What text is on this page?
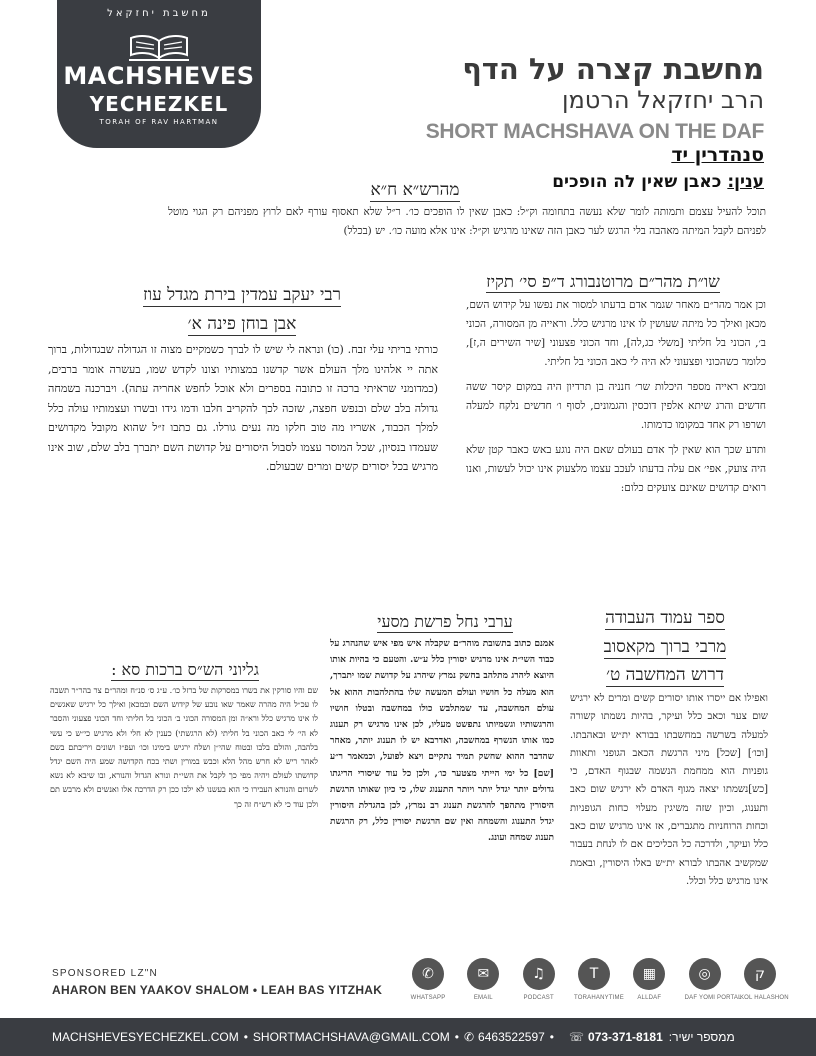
מחשבת יחזקאל
MACHSHEVES
YECHEZKEL
TORAH OF RAV HARTMAN
מחשבת קצרה על הדף
הרב יחזקאל הרטמן
SHORT MACHSHAVA ON THE DAF
סנהדרין יד
ענין: כאבן שאין לה הופכים
מהרש״א ח״א
תוכל להעיל עצמם ותמותה לומר שלא נעשה בתחומה וק״ל: כאבן שאין לו הופכים כו׳. ר״ל שלא תאסוף עורף לאם לרוץ מפניהם רק הגוי מוטל לפניהם לקבל המיתה מאהבה בלי הרגש לער כאבן הזה שאינו מרגיש וק״ל: אינו אלא מועה כו׳. יש (בכלל)
שו״ת מהר״ם מרוטנבורג ד״פ סי׳ תקיז

וכן אמר מהר״ם מאחר שגמר אדם בדעתו למסור את נפשו על קידוש השם, מכאן ואילך כל מיתה שעושין לו אינו מרגיש כלל. וראייה מן המסורה, הכוני ב׳, הכוני בל חליתי [משלי כג,לה], וחד הכוני פצעוני [שיר השירים ה,ז], כלומר כשהכוני ופצעוני לא היה לי כאב הכוני בל חליתי.

ומביא ראייה מספר היכלות שר׳ חנניה בן תרדיון היה במקום קיסר ששה חדשים והרג שיתא אלפין דוכסין והגמונים, לסוף ו׳ חדשים נלקח למעלה ושרפו רק אחד במקומו כדמותו.

ותדע שכך הוא שאין לך אדם בעולם שאם היה נוגע באש כאבר קטן שלא היה צועק, אפי׳ אם עלה בדעתו לעכב עצמו מלצעוק אינו יכול לעשות, ואנו רואים קדושים שאינם צועקים כלום:

רבי יעקב עמדין בירת מגדל עוז
אבן בוחן פינה א׳
כורתי בריתי עלי זבח. (כו) ונראה לי שיש לו לברך כשמקיים מצוה זו הגדולה שבגדולות, ברוך אתה יי אלהינו מלך העולם אשר קדשנו במצותיו וצונו לקדש שמו, בעשרה אומר ברבים, (כמדומני שראיתי ברכה זו כתובה בספרים ולא אוכל לחפש אחריה עתה). ויברכנה בשמחה גדולה בלב שלם ובנפש חפצה, שזכה לכך להקריב חלבו ודמו גידו ובשרו ועצמותיו עולה כלל למלך הכבוד, אשריו מה טוב חלקו מה נעים גורלו. גם כתבו ז״ל שהוא מקובל מקדושים שעמדו בנסיון, שכל המוסר עצמו לסבול היסורים על קדושת השם יתברך בלב שלם, שוב אינו מרגיש בכל יסורים קשים ומרים שבעולם.
ספר עמוד העבודה
מרבי ברוך מקאסוב
דרוש המחשבה ט׳
ואפילו אם ייסרו אותו יסורים קשים ומרים לא ירגיש שום צער וכאב כלל ועיקר, בהיות נשמתו קשורה למעלה בשרשה במחשבתו בבורא ית״ש ובאהבתו. [וכו׳] [שכל] מיני הרגשת הכאב הגופני ותאוות גופניות הוא ממחמת הנשמה שבגוף האדם, כי [כש]נשמתו יצאה מגוף האדם לא ירגיש שום כאב ותענוג, וכיון שזה משיגין מעלוי כחות הגופניות וכחות הרוחניות מתגברים, אז אינו מרגיש שום כאב כלל ועיקר, ולדרכה כל הכליכים אם לו לנחת בעבור שמקשיב אהבתו לבורא ית״ש באלו היסורין, ובאמת אינו מרגיש כלל וכלל.
ערבי נחל פרשת מסעי
אמנם כתוב בתשובת מוהר״ם שקבלה איש מפי איש שהנהרג על כבוד השי״ת אינו מרגיש יסורין כלל ע״ש. והטעם כי בהיות אותו היוצא ליהרג מתלהב בחשק נמרץ שיהרג על קדושת שמו יתברך, הוא מעלה כל חושיו ועולם המעשה שלו בהתלהבות ההוא אל עולם המחשבה, עד שמתלבש כולו במחשבה ובטלו חושיו והרגשותיו וגשמיותו נתפשט מעליו, לכן אינו מרגיש רק תענוג כמו אותו הנשרף במחשבה, ואדרבא יש לו תענוג יותר, מאחר שהדבר ההוא שחשק תמיד נתקיים ויצא לפועל, וכמאמר ר״ע [שם] כל ימי הייתי מצטער כו׳, ולכן כל עוד שיסורי הריגתו גדולים יותר יגדל יותר ויותר התענוג שלו, כי כיון שאותו הרגשת היסורין מתהפך להרגשת תענוג רב נמרץ, לכן בהגדלת היסורין יגדל התענוג והשמחה ואין שם הרגשת יסורין כלל, רק הרגשת תענוג שמחה ועונג.
גליוני הש״ס ברכות סא :
שם והיו סורקין את בשרו במסרקות של ברזל כו׳. ע״ג ס׳ סנ״ח ומהר״ם צר בהר״ר תשבה לו עכ״ל היה מהרה שאמר שאו נובע של קידוש השם ובמכאן ואילך כל ירגיש שאגשים לו אינו מרגיש כלל ורא״ה ומן המסורה הכוני ב׳ הכוני בל חליתי וחד הכוני פצעוני והסבר לא הי׳ לי כאב הכוני בל חליתי (לא הרגשתי) כענין לא חלי ולא מרגיש כי״ש כי עשי בלהבה, והולם בלבו ובטוח שהי״ן ושלח ירגיש בימינו וכו׳ ועפ״ז ושונים ויריבתם בשם לאהר ריש לא חרש מהל הלא וכבש במורין ושתי בכח הקדושה שמע היה השם יגדל קדושתו לעולם ויהיה מפי כך לקבל את השי״ת ונורא הגדול והנורא, ובו שיבא לא נשא לשרום והנורא העבירו כי הוא בעשנו לא ילכו ככן רק הדרכה אלו ואנשים ולא מרבש תם ולכן עוד כי לא רש״ח זה כך
SPONSORED LZ"N
AHARON BEN YAAKOV SHALOM • LEAH BAS YITZHAK
✆
WHATSAPP
✉
EMAIL
♫
PODCAST
T
TORAHANYTIME
▦
ALLDAF
◎
DAF YOMI PORTAL
ק
KOL HALASHON
MACHSHEVESYECHEZKEL.COM • SHORTMACHSHAVA@GMAIL.COM • ✆ 6463522597 • ☏ 073-371-8181 ממספר ישיר:
